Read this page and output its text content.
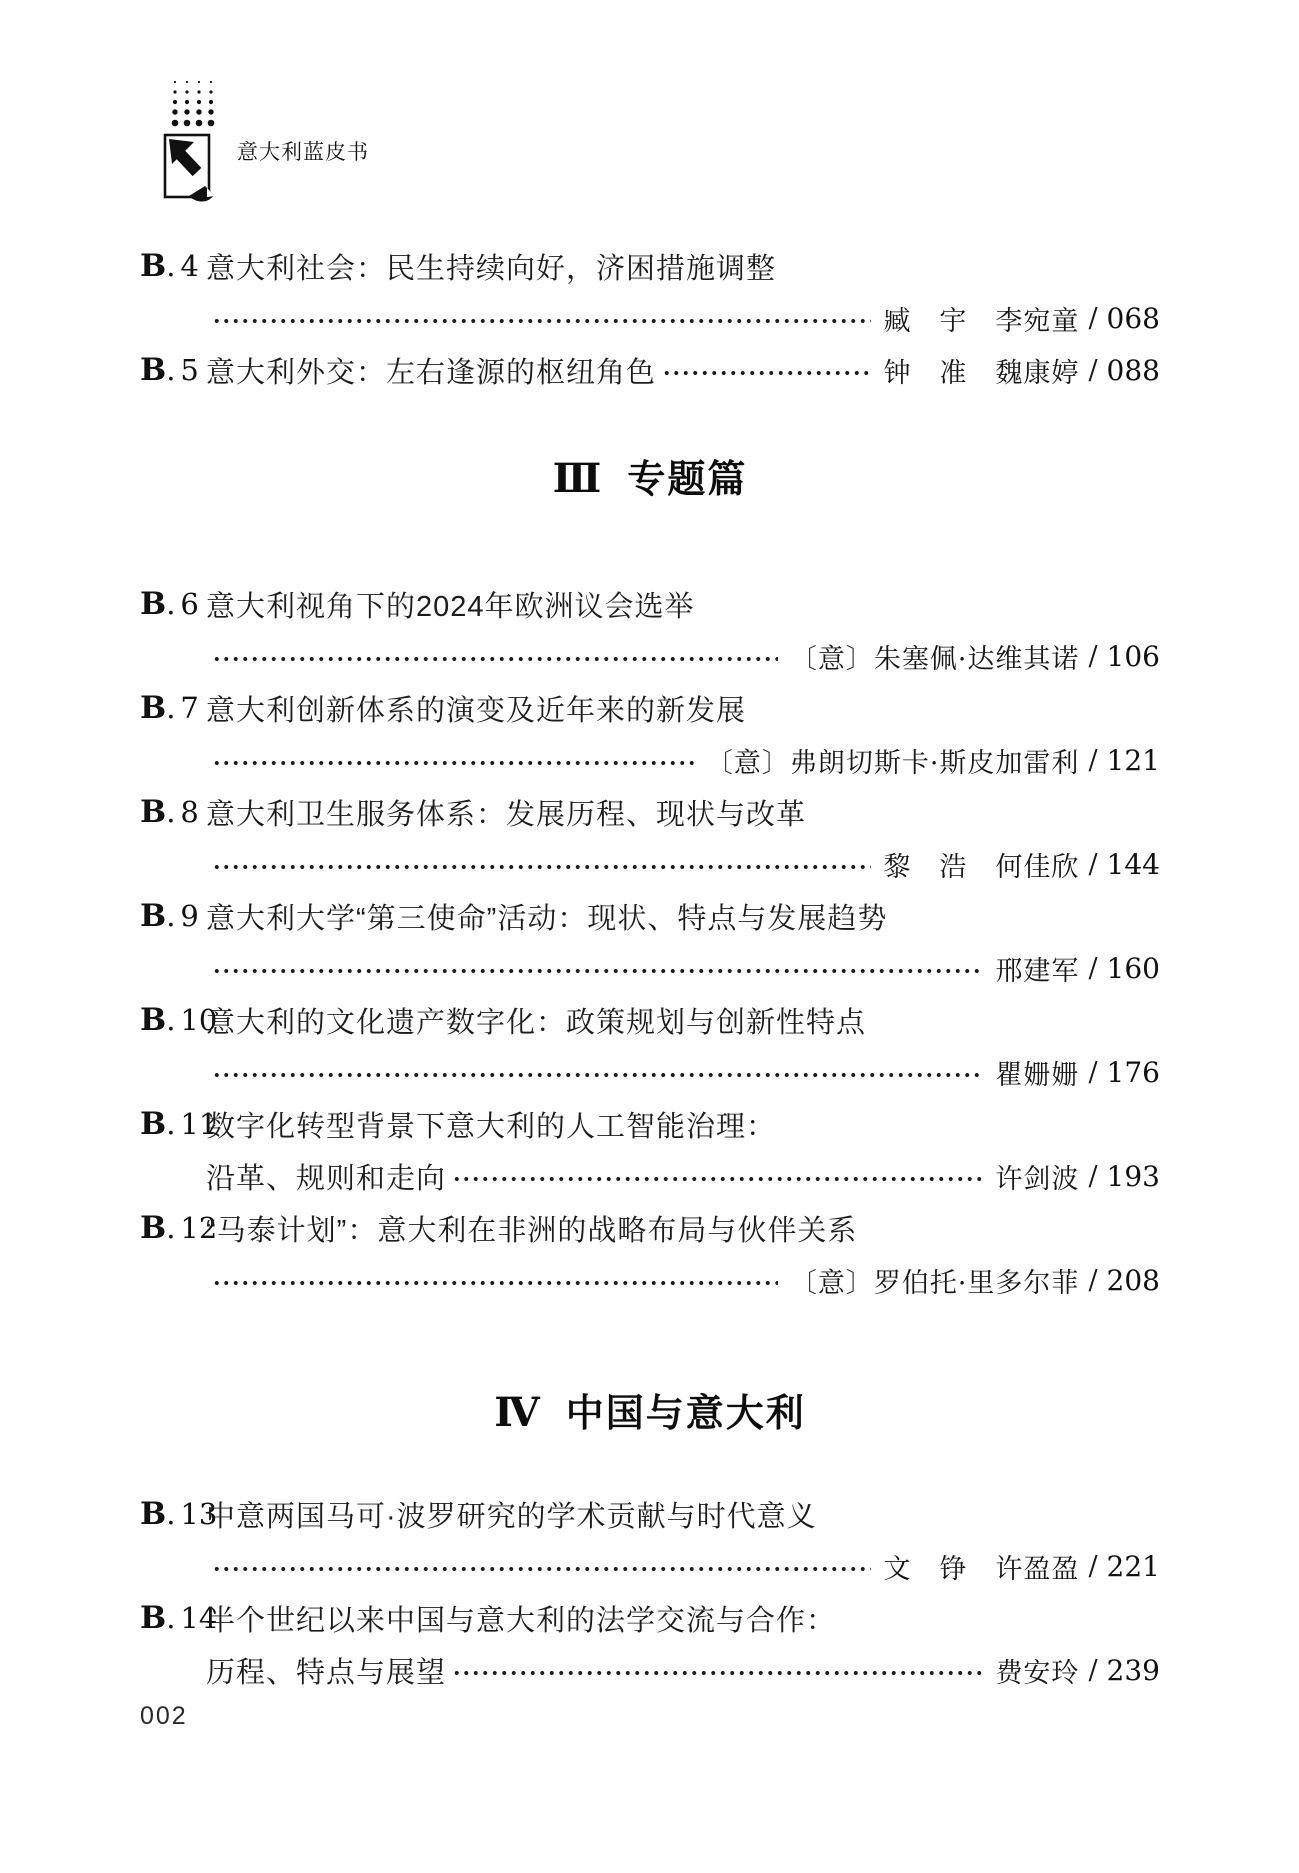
意大利蓝皮书
B. 4 意大利社会：民生持续向好，济困措施调整
臧　宇　李宛童 / 068
B. 5 意大利外交：左右逢源的枢纽角色	钟　准　魏康婷 / 088
Ⅲ 专题篇
B. 6 意大利视角下的2024年欧洲议会选举
〔意〕朱塞佩·达维其诺 / 106
B. 7 意大利创新体系的演变及近年来的新发展
〔意〕弗朗切斯卡·斯皮加雷利 / 121
B. 8 意大利卫生服务体系：发展历程、现状与改革
黎　浩　何佳欣 / 144
B. 9 意大利大学“第三使命”活动：现状、特点与发展趋势
邢建军 / 160
B. 10
意大利的文化遗产数字化：政策规划与创新性特点
瞿姗姗 / 176
B. 11
数字化转型背景下意大利的人工智能治理：
沿革、规则和走向	许剑波 / 193
B. 12
“马泰计划”：意大利在非洲的战略布局与伙伴关系
〔意〕罗伯托·里多尔菲 / 208
Ⅳ 中国与意大利
B. 13
中意两国马可·波罗研究的学术贡献与时代意义
文　铮　许盈盈 / 221
B. 14
半个世纪以来中国与意大利的法学交流与合作：
历程、特点与展望	费安玲 / 239
002
